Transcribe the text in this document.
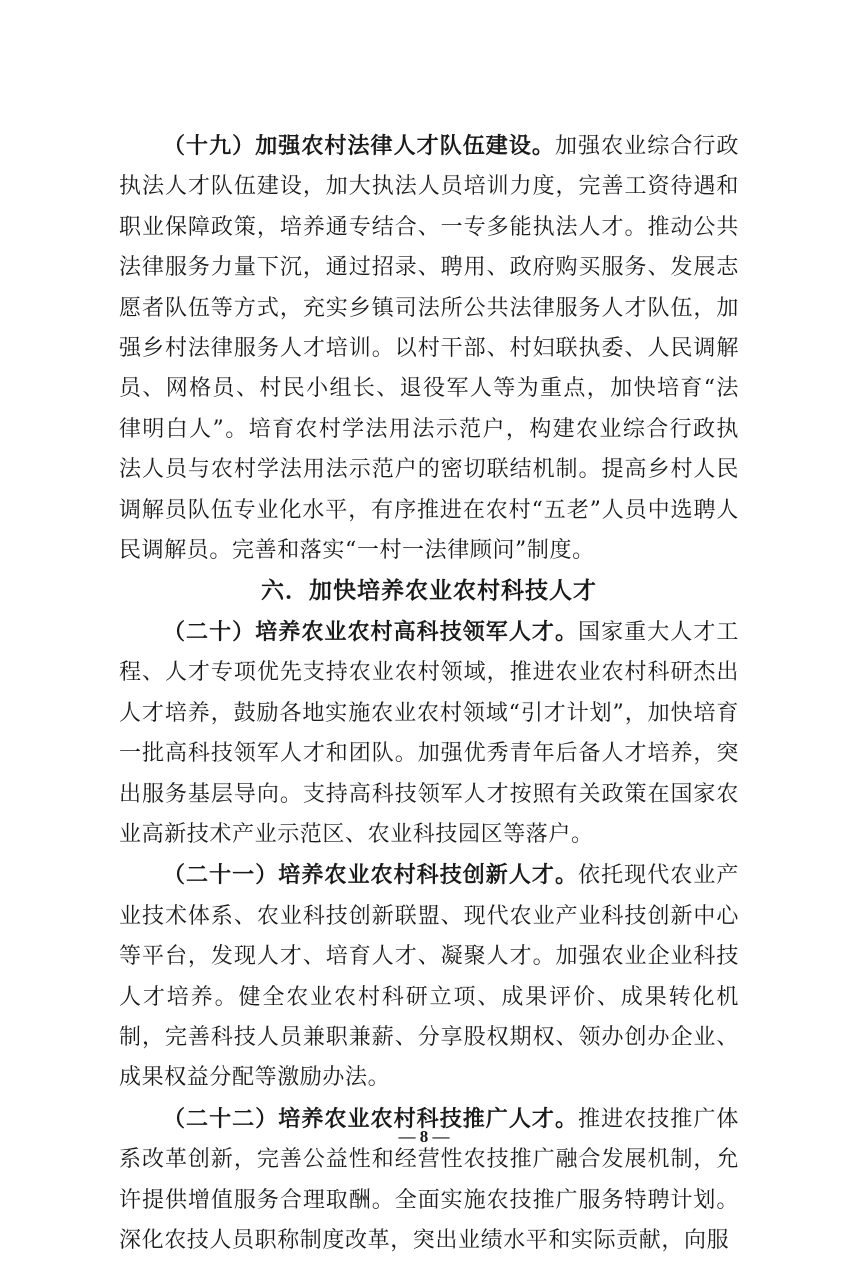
（十九）加强农村法律人才队伍建设。加强农业综合行政执法人才队伍建设，加大执法人员培训力度，完善工资待遇和职业保障政策，培养通专结合、一专多能执法人才。推动公共法律服务力量下沉，通过招录、聘用、政府购买服务、发展志愿者队伍等方式，充实乡镇司法所公共法律服务人才队伍，加强乡村法律服务人才培训。以村干部、村妇联执委、人民调解员、网格员、村民小组长、退役军人等为重点，加快培育“法律明白人”。培育农村学法用法示范户，构建农业综合行政执法人员与农村学法用法示范户的密切联结机制。提高乡村人民调解员队伍专业化水平，有序推进在农村“五老”人员中选聘人民调解员。完善和落实“一村一法律顾问”制度。

六．加快培养农业农村科技人才

（二十）培养农业农村高科技领军人才。国家重大人才工程、人才专项优先支持农业农村领域，推进农业农村科研杰出人才培养，鼓励各地实施农业农村领域“引才计划”，加快培育一批高科技领军人才和团队。加强优秀青年后备人才培养，突出服务基层导向。支持高科技领军人才按照有关政策在国家农业高新技术产业示范区、农业科技园区等落户。

（二十一）培养农业农村科技创新人才。依托现代农业产业技术体系、农业科技创新联盟、现代农业产业科技创新中心等平台，发现人才、培育人才、凝聚人才。加强农业企业科技人才培养。健全农业农村科研立项、成果评价、成果转化机制，完善科技人员兼职兼薪、分享股权期权、领办创办企业、成果权益分配等激励办法。

（二十二）培养农业农村科技推广人才。推进农技推广体系改革创新，完善公益性和经营性农技推广融合发展机制，允许提供增值服务合理取酬。全面实施农技推广服务特聘计划。深化农技人员职称制度改革，突出业绩水平和实际贡献，向服

— 8 —
